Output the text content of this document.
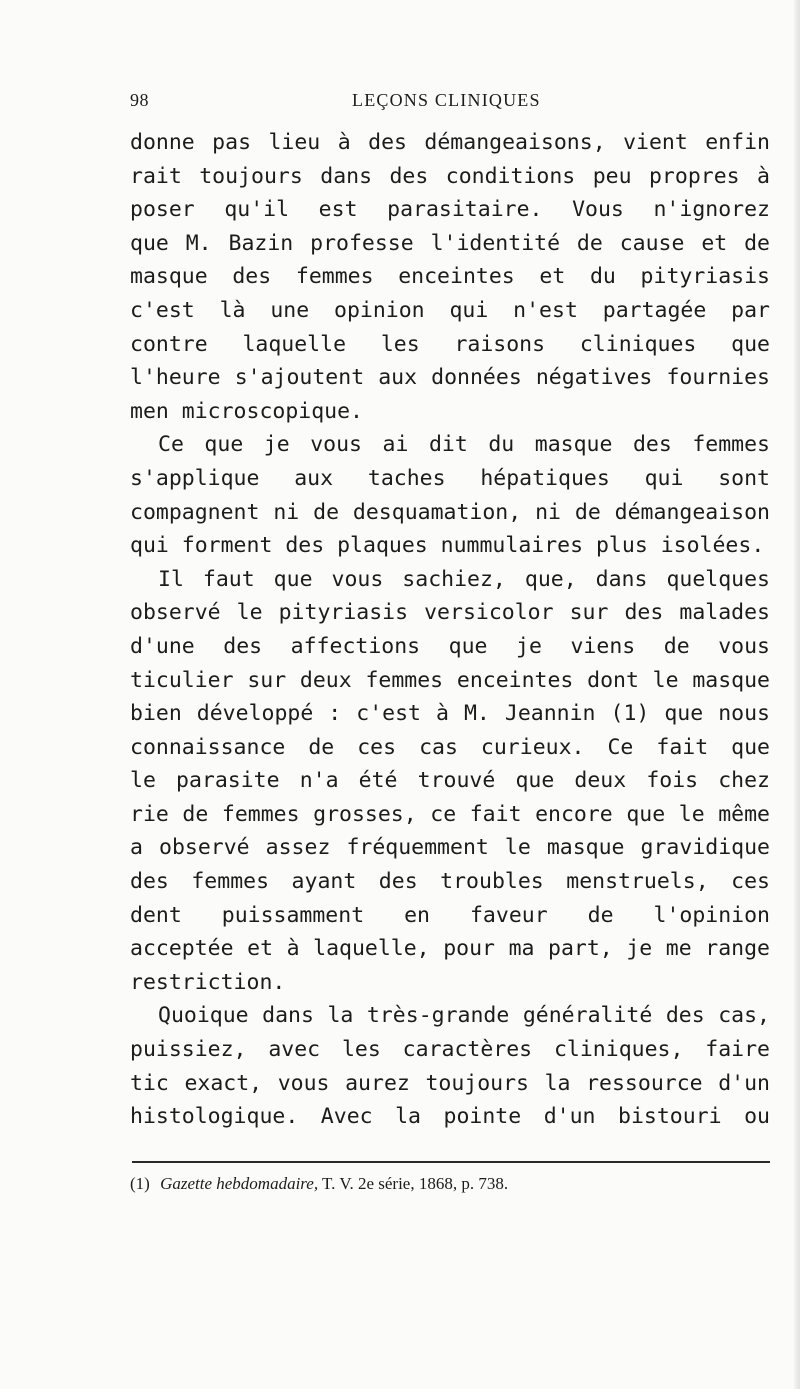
98	LEÇONS CLINIQUES
donne pas lieu à des démangeaisons, vient enfin
rait toujours dans des conditions peu propres à
poser qu'il est parasitaire. Vous n'ignorez
que M. Bazin professe l'identité de cause et de
masque des femmes enceintes et du pityriasis
c'est là une opinion qui n'est partagée par
contre laquelle les raisons cliniques que
l'heure s'ajoutent aux données négatives fournies
men microscopique.
Ce que je vous ai dit du masque des femmes
s'applique aux taches hépatiques qui sont
compagnent ni de desquamation, ni de démangeaison
qui forment des plaques nummulaires plus isolées.
Il faut que vous sachiez, que, dans quelques
observé le pityriasis versicolor sur des malades
d'une des affections que je viens de vous
ticulier sur deux femmes enceintes dont le masque
bien développé : c'est à M. Jeannin (1) que nous
connaissance de ces cas curieux. Ce fait que
le parasite n'a été trouvé que deux fois chez
rie de femmes grosses, ce fait encore que le même
a observé assez fréquemment le masque gravidique
des femmes ayant des troubles menstruels, ces
dent puissamment en faveur de l'opinion
acceptée et à laquelle, pour ma part, je me range
restriction.
Quoique dans la très-grande généralité des cas,
puissiez, avec les caractères cliniques, faire
tic exact, vous aurez toujours la ressource d'un
histologique. Avec la pointe d'un bistouri ou
(1) Gazette hebdomadaire, T. V. 2e série, 1868, p. 738.
